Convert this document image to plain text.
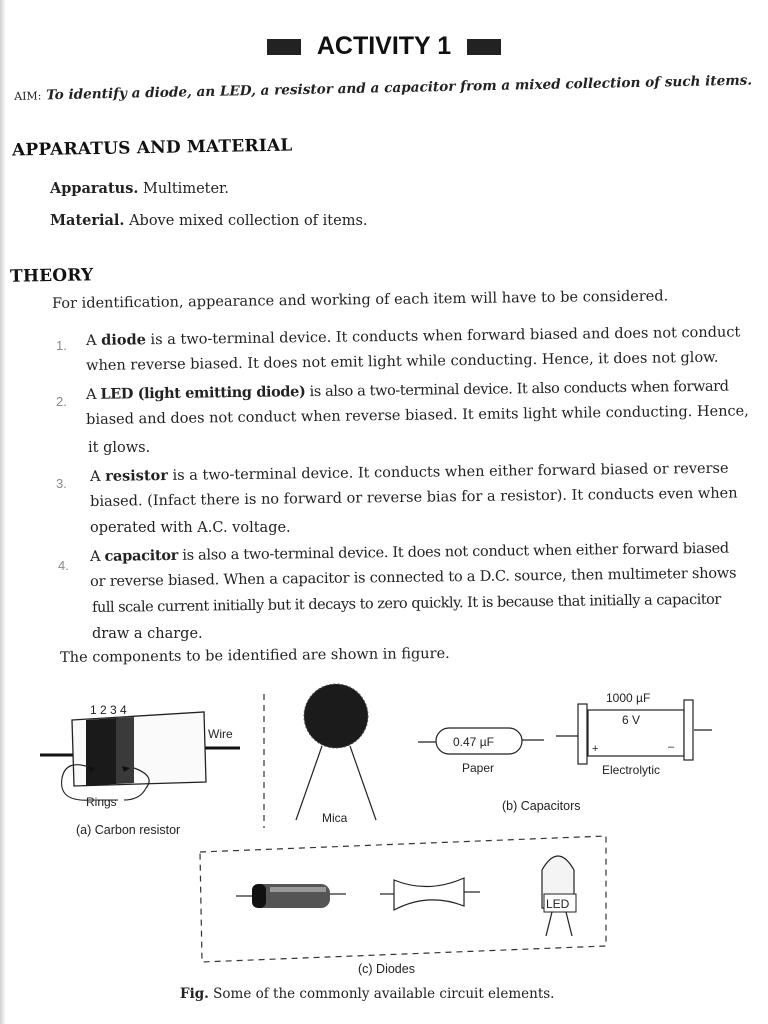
ACTIVITY 1
AIM: To identify a diode, an LED, a resistor and a capacitor from a mixed collection of such items.
APPARATUS AND MATERIAL
Apparatus. Multimeter.
Material. Above mixed collection of items.
THEORY
For identification, appearance and working of each item will have to be considered.
1. A diode is a two-terminal device. It conducts when forward biased and does not conduct
when reverse biased. It does not emit light while conducting. Hence, it does not glow.
2. A LED (light emitting diode) is also a two-terminal device. It also conducts when forward
biased and does not conduct when reverse biased. It emits light while conducting. Hence,
it glows.
3. A resistor is a two-terminal device. It conducts when either forward biased or reverse
biased. (Infact there is no forward or reverse bias for a resistor). It conducts even when
operated with A.C. voltage.
4.
A capacitor is also a two-terminal device. It does not conduct when either forward biased
or reverse biased. When a capacitor is connected to a D.C. source, then multimeter shows
full scale current initially but it decays to zero quickly. It is because that initially a capacitor
draw a charge.
The components to be identified are shown in figure.
1 2 3 4
Wire
Rings
(a) Carbon resistor
Mica
0.47 µF
Paper
1000 µF
6 V
+	–
Electrolytic
(b) Capacitors
LED
(c) Diodes
Fig. Some of the commonly available circuit elements.
